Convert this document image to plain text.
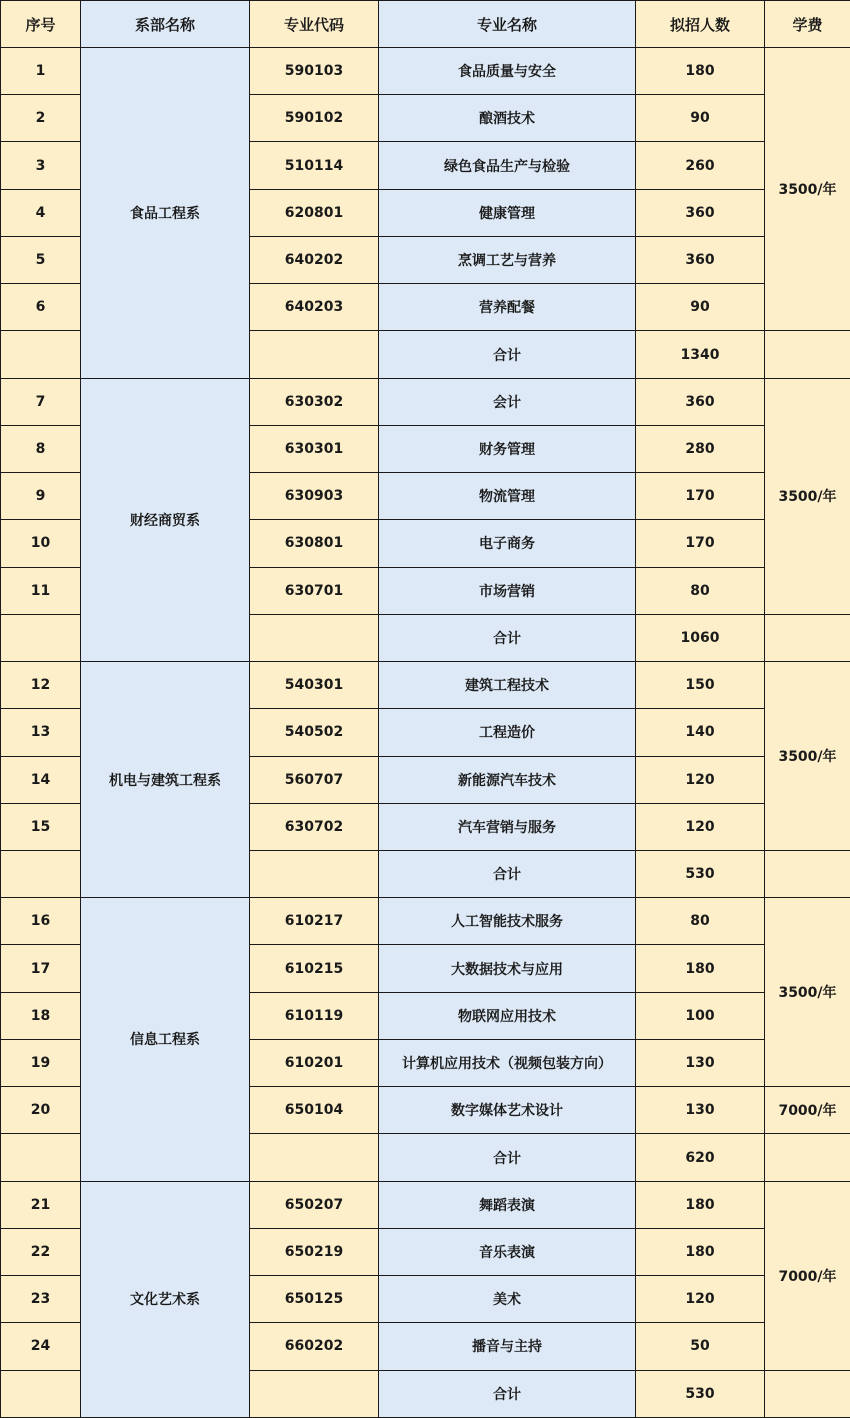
序号	系部名称	专业代码	专业名称	拟招人数	学费
1	食品工程系	590103	食品质量与安全	180	3500/年
2		590102	酿酒技术	90	
3		510114	绿色食品生产与检验	260	
4		620801	健康管理	360	
5		640202	烹调工艺与营养	360	
6		640203	营养配餐	90	
			合计	1340	
7	财经商贸系	630302	会计	360	3500/年
8		630301	财务管理	280	
9		630903	物流管理	170	
10		630801	电子商务	170	
11		630701	市场营销	80	
			合计	1060	
12	机电与建筑工程系	540301	建筑工程技术	150	3500/年
13		540502	工程造价	140	
14		560707	新能源汽车技术	120	
15		630702	汽车营销与服务	120	
			合计	530	
16	信息工程系	610217	人工智能技术服务	80	3500/年
17		610215	大数据技术与应用	180	
18		610119	物联网应用技术	100	
19		610201	计算机应用技术（视频包装方向）	130	
20		650104	数字媒体艺术设计	130	7000/年
			合计	620	
21	文化艺术系	650207	舞蹈表演	180	7000/年
22		650219	音乐表演	180	
23		650125	美术	120	
24		660202	播音与主持	50	
			合计	530	
